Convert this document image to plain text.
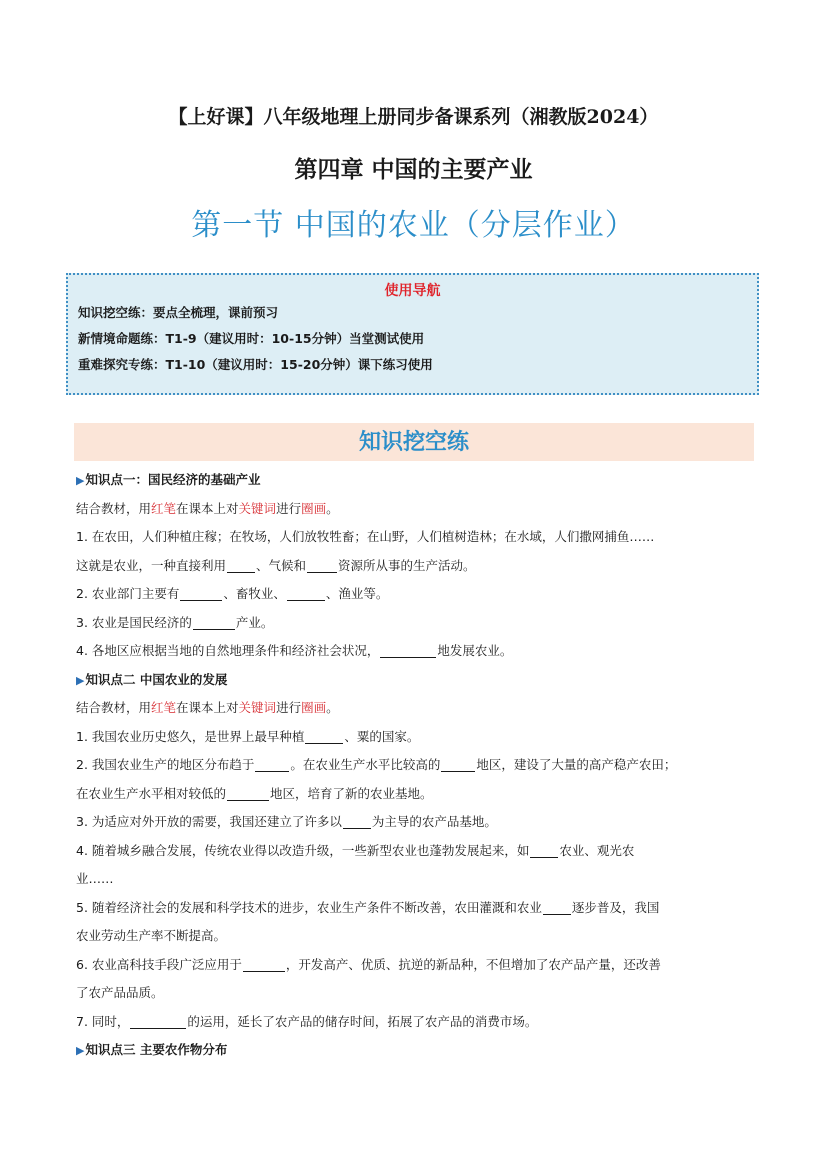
【上好课】八年级地理上册同步备课系列（湘教版2024）
第四章 中国的主要产业
第一节 中国的农业（分层作业）
使用导航
知识挖空练：要点全梳理，课前预习
新情境命题练：T1-9（建议用时：10-15分钟）当堂测试使用
重难探究专练：T1-10（建议用时：15-20分钟）课下练习使用
知识挖空练
▶知识点一：国民经济的基础产业
结合教材，用红笔在课本上对关键词进行圈画。
1. 在农田，人们种植庄稼；在牧场，人们放牧牲畜；在山野，人们植树造林；在水域，人们撒网捕鱼……
这就是农业，一种直接利用 、气候和	资源所从事的生产活动。
2. 农业部门主要有	、畜牧业、	、渔业等。
3. 农业是国民经济的	产业。
4. 各地区应根据当地的自然地理条件和经济社会状况，	地发展农业。
▶知识点二 中国农业的发展
结合教材，用红笔在课本上对关键词进行圈画。
1. 我国农业历史悠久，是世界上最早种植	、粟的国家。
2. 我国农业生产的地区分布趋于	。在农业生产水平比较高的	地区，建设了大量的高产稳产农田；
在农业生产水平相对较低的	地区，培育了新的农业基地。
3. 为适应对外开放的需要，我国还建立了许多以 为主导的农产品基地。
4. 随着城乡融合发展，传统农业得以改造升级，一些新型农业也蓬勃发展起来，如 农业、观光农
业……
5. 随着经济社会的发展和科学技术的进步，农业生产条件不断改善，农田灌溉和农业 逐步普及，我国
农业劳动生产率不断提高。
6. 农业高科技手段广泛应用于	，开发高产、优质、抗逆的新品种，不但增加了农产品产量，还改善
了农产品品质。
7. 同时，	的运用，延长了农产品的储存时间，拓展了农产品的消费市场。
▶知识点三 主要农作物分布
